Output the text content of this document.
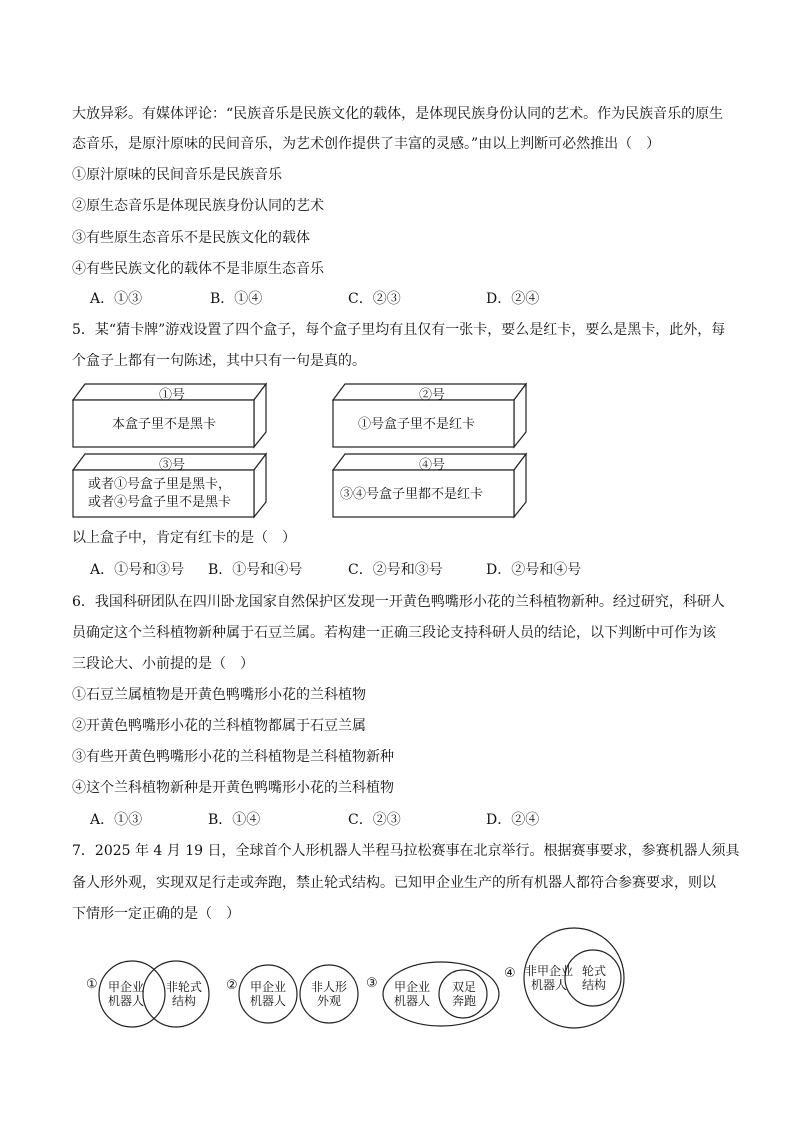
大放异彩。有媒体评论：“民族音乐是民族文化的载体，是体现民族身份认同的艺术。作为民族音乐的原生
态音乐，是原汁原味的民间音乐，为艺术创作提供了丰富的灵感。”由以上判断可必然推出（　）
①原汁原味的民间音乐是民族音乐
②原生态音乐是体现民族身份认同的艺术
③有些原生态音乐不是民族文化的载体
④有些民族文化的载体不是非原生态音乐
A．①③	B．①④	C．②③	D．②④
5．某“猜卡牌”游戏设置了四个盒子，每个盒子里均有且仅有一张卡，要么是红卡，要么是黑卡，此外，每
个盒子上都有一句陈述，其中只有一句是真的。
①号
本盒子里不是黑卡
②号
①号盒子里不是红卡
③号
或者①号盒子里是黑卡，
或者④号盒子里不是黑卡
④号
③④号盒子里都不是红卡
以上盒子中，肯定有红卡的是（　）
A．①号和③号 B．①号和④号	C．②号和③号	D．②号和④号
6．我国科研团队在四川卧龙国家自然保护区发现一开黄色鸭嘴形小花的兰科植物新种。经过研究，科研人
员确定这个兰科植物新种属于石豆兰属。若构建一正确三段论支持科研人员的结论，以下判断中可作为该
三段论大、小前提的是（　）
①石豆兰属植物是开黄色鸭嘴形小花的兰科植物
②开黄色鸭嘴形小花的兰科植物都属于石豆兰属
③有些开黄色鸭嘴形小花的兰科植物是兰科植物新种
④这个兰科植物新种是开黄色鸭嘴形小花的兰科植物
A．①③	B．①④	C．②③	D．②④
7．2025 年 4 月 19 日，全球首个人形机器人半程马拉松赛事在北京举行。根据赛事要求，参赛机器人须具
备人形外观，实现双足行走或奔跑，禁止轮式结构。已知甲企业生产的所有机器人都符合参赛要求，则以
下情形一定正确的是（　）
① 甲企业
机器人
非轮式
结构
②	甲企业
机器人
非人形
外观
③	甲企业
机器人
双足
奔跑
④ 非甲企业
机器人
轮式
结构
